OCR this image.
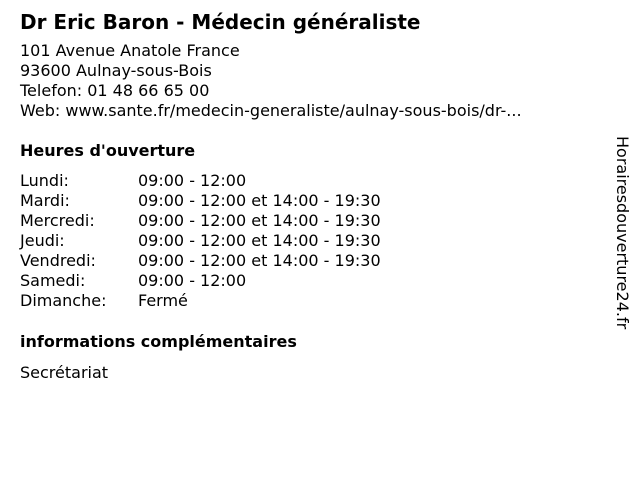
Dr Eric Baron - Médecin généraliste
101 Avenue Anatole France
93600 Aulnay-sous-Bois
Telefon: 01 48 66 65 00
Web: www.sante.fr/medecin-generaliste/aulnay-sous-bois/dr-...
Heures d'ouverture
Lundi:	09:00 - 12:00
Mardi:	09:00 - 12:00 et 14:00 - 19:30
Mercredi:	09:00 - 12:00 et 14:00 - 19:30
Jeudi:	09:00 - 12:00 et 14:00 - 19:30
Vendredi:	09:00 - 12:00 et 14:00 - 19:30
Samedi:	09:00 - 12:00
Dimanche:	Fermé
informations complémentaires
Secrétariat
Horairesdouverture24.fr
